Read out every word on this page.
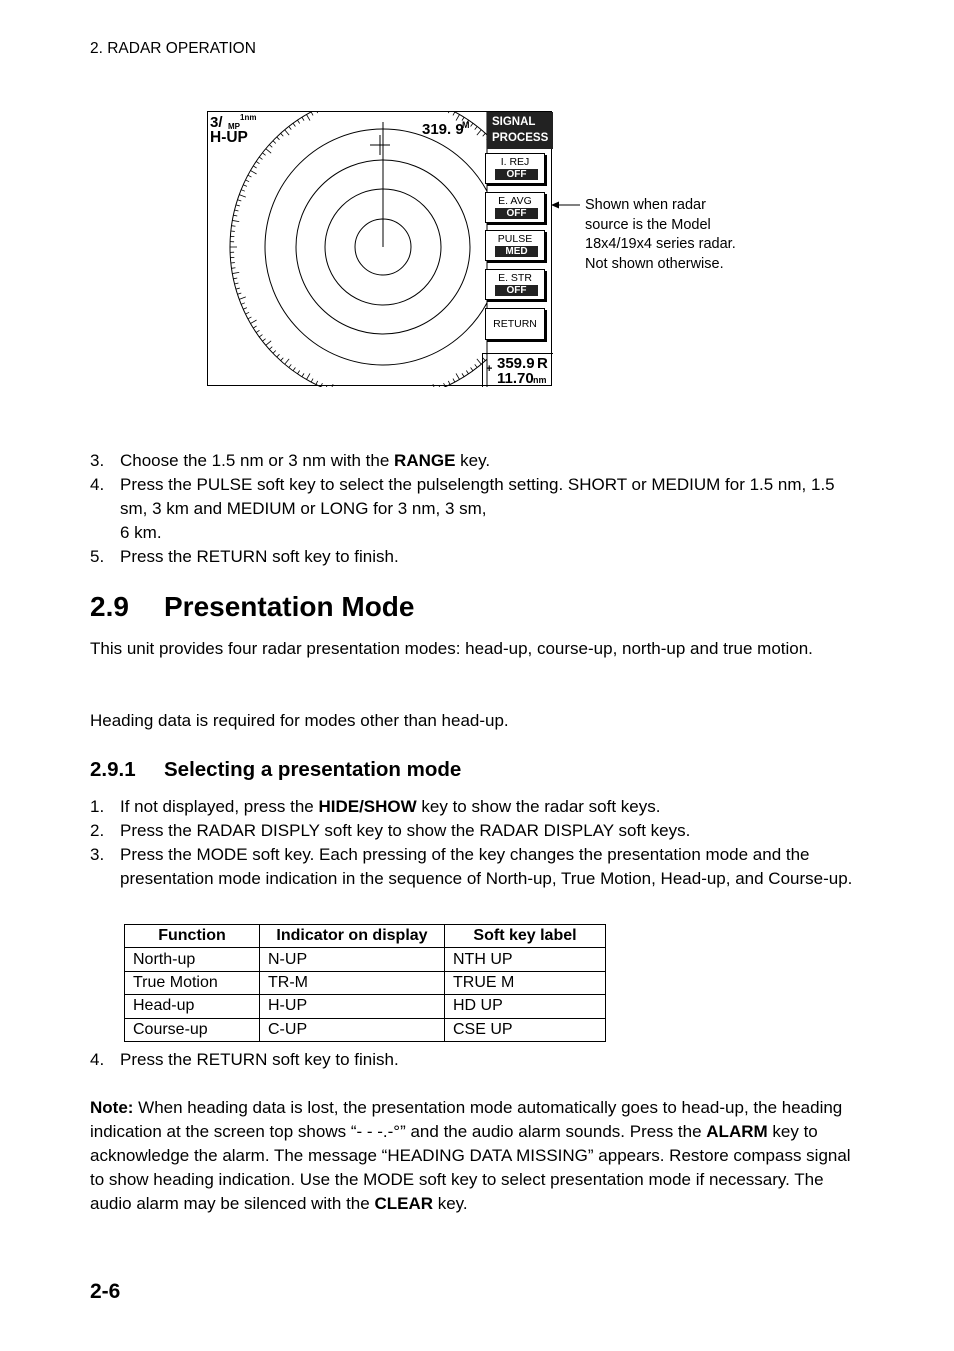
2. RADAR OPERATION
3/ 1nm
MP
H-UP	319. 9
M SIGNAL
PROCESS
I. REJ
OFF
E. AVG
OFF
PULSE
MED
E. STR
OFF
RETURN
+ 359.9 R
11.70 nm
Shown when radar source is the Model 18x4/19x4 series radar. Not shown otherwise.
3. Choose the 1.5 nm or 3 nm with the RANGE key.
4. Press the PULSE soft key to select the pulselength setting. SHORT or MEDIUM for 1.5 nm, 1.5 sm, 3 km and MEDIUM or LONG for 3 nm, 3 sm,
6 km.
5. Press the RETURN soft key to finish.
2.9 Presentation Mode
This unit provides four radar presentation modes: head-up, course-up, north-up and true motion.
Heading data is required for modes other than head-up.
2.9.1 Selecting a presentation mode
1. If not displayed, press the HIDE/SHOW key to show the radar soft keys.
2. Press the RADAR DISPLY soft key to show the RADAR DISPLAY soft keys.
3. Press the MODE soft key. Each pressing of the key changes the presentation mode and the presentation mode indication in the sequence of North-up, True Motion, Head-up, and Course-up.
Function	Indicator on display	Soft key label
North-up	N-UP	NTH UP
True Motion	TR-M	TRUE M
Head-up	H-UP	HD UP
Course-up	C-UP	CSE UP
4. Press the RETURN soft key to finish.
Note: When heading data is lost, the presentation mode automatically goes to head-up, the heading indication at the screen top shows “- - -.-°” and the audio alarm sounds. Press the ALARM key to acknowledge the alarm. The message “HEADING DATA MISSING” appears. Restore compass signal to show heading indication. Use the MODE soft key to select presentation mode if necessary. The audio alarm may be silenced with the CLEAR key.
2-6
